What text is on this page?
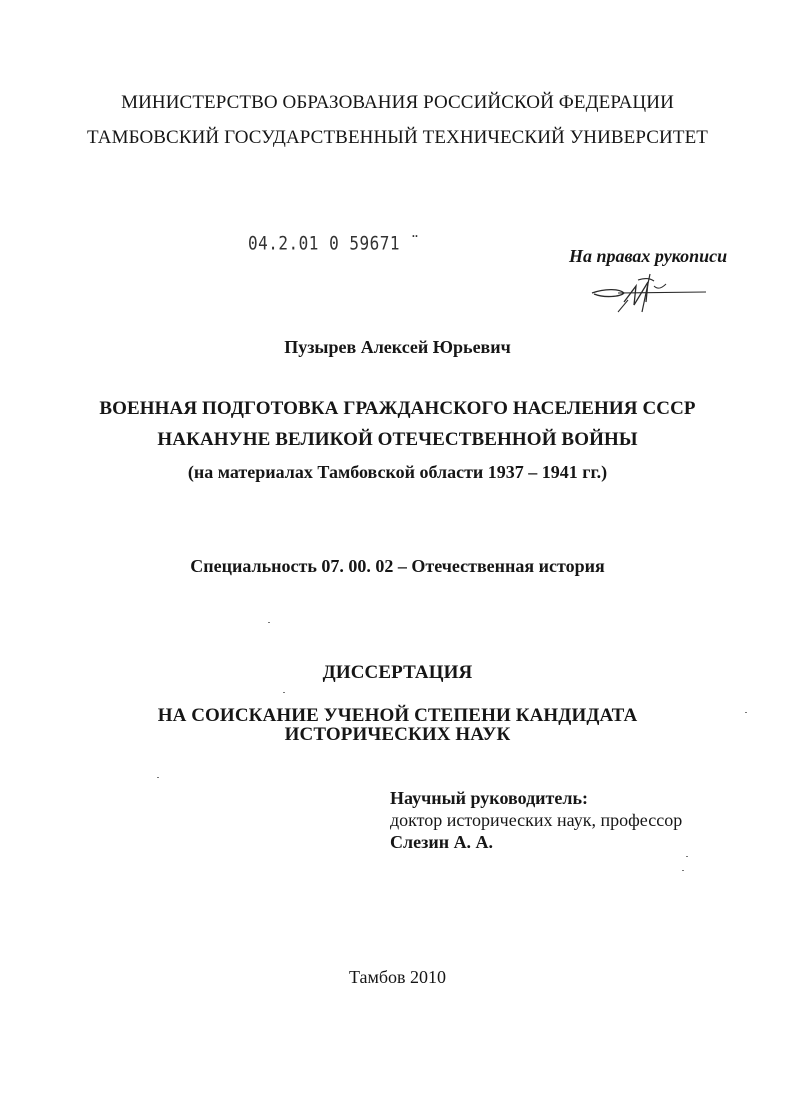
МИНИСТЕРСТВО ОБРАЗОВАНИЯ РОССИЙСКОЙ ФЕДЕРАЦИИ
ТАМБОВСКИЙ ГОСУДАРСТВЕННЫЙ ТЕХНИЧЕСКИЙ УНИВЕРСИТЕТ
04.2.01 0 59671 ¨
На правах рукописи
Пузырев Алексей Юрьевич
ВОЕННАЯ ПОДГОТОВКА ГРАЖДАНСКОГО НАСЕЛЕНИЯ СССР
НАКАНУНЕ ВЕЛИКОЙ ОТЕЧЕСТВЕННОЙ ВОЙНЫ
(на материалах Тамбовской области 1937 – 1941 гг.)
Специальность 07. 00. 02 – Отечественная история
ДИССЕРТАЦИЯ
НА СОИСКАНИЕ УЧЕНОЙ СТЕПЕНИ КАНДИДАТА
ИСТОРИЧЕСКИХ НАУК
Научный руководитель:
доктор исторических наук, профессор
Слезин А. А.
Тамбов 2010
